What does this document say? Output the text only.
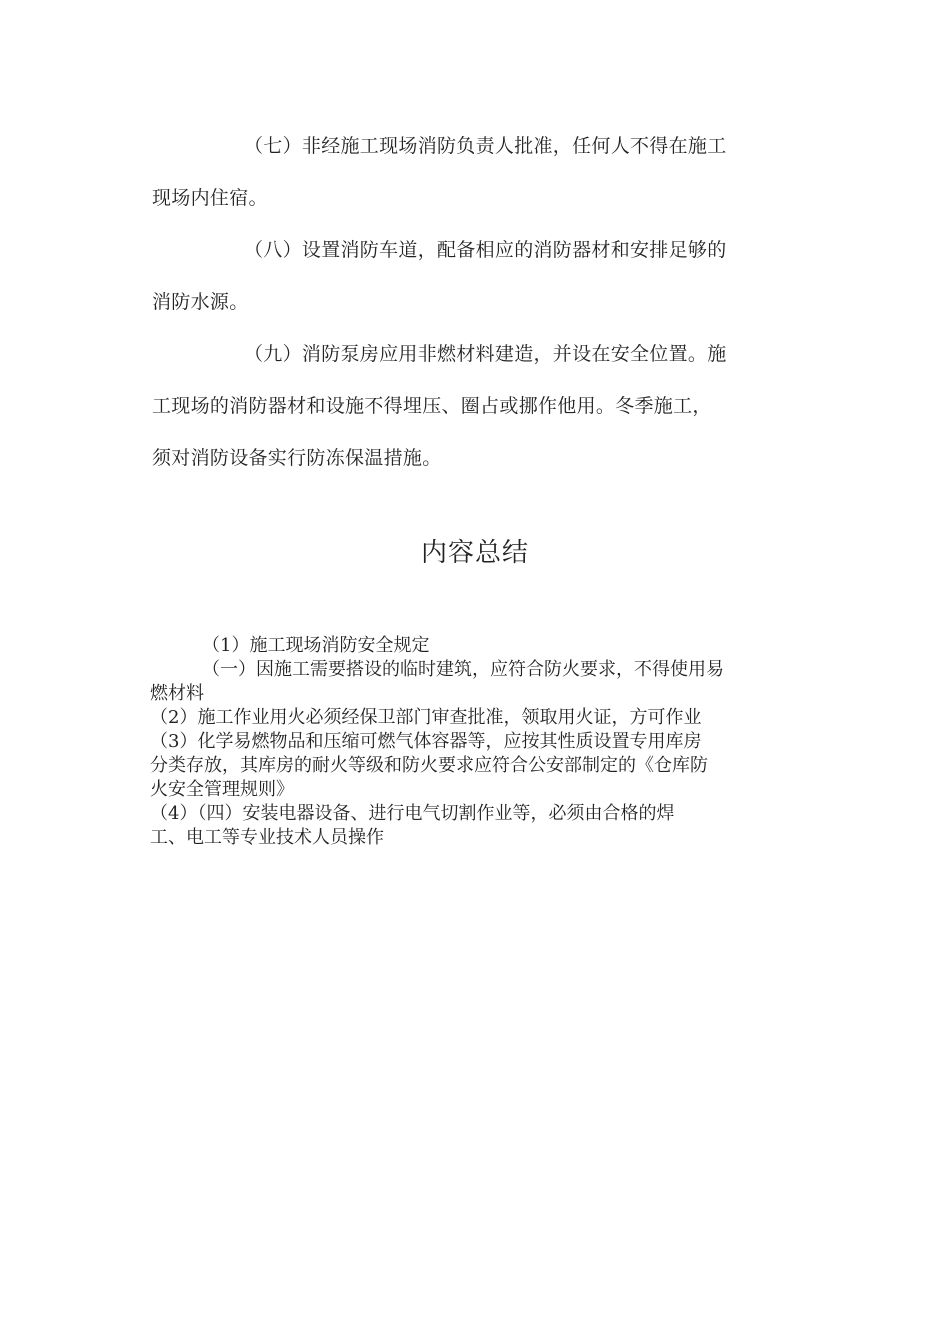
（七）非经施工现场消防负责人批准，任何人不得在施工
现场内住宿。

（八）设置消防车道，配备相应的消防器材和安排足够的
消防水源。

（九）消防泵房应用非燃材料建造，并设在安全位置。施
工现场的消防器材和设施不得埋压、圈占或挪作他用。冬季施工，
须对消防设备实行防冻保温措施。

内容总结

（1）施工现场消防安全规定

（一）因施工需要搭设的临时建筑，应符合防火要求，不得使用易

燃材料

（2）施工作业用火必须经保卫部门审查批准，领取用火证，方可作业

（3）化学易燃物品和压缩可燃气体容器等，应按其性质设置专用库房

分类存放，其库房的耐火等级和防火要求应符合公安部制定的《仓库防

火安全管理规则》

（4）（四）安装电器设备、进行电气切割作业等，必须由合格的焊

工、电工等专业技术人员操作
